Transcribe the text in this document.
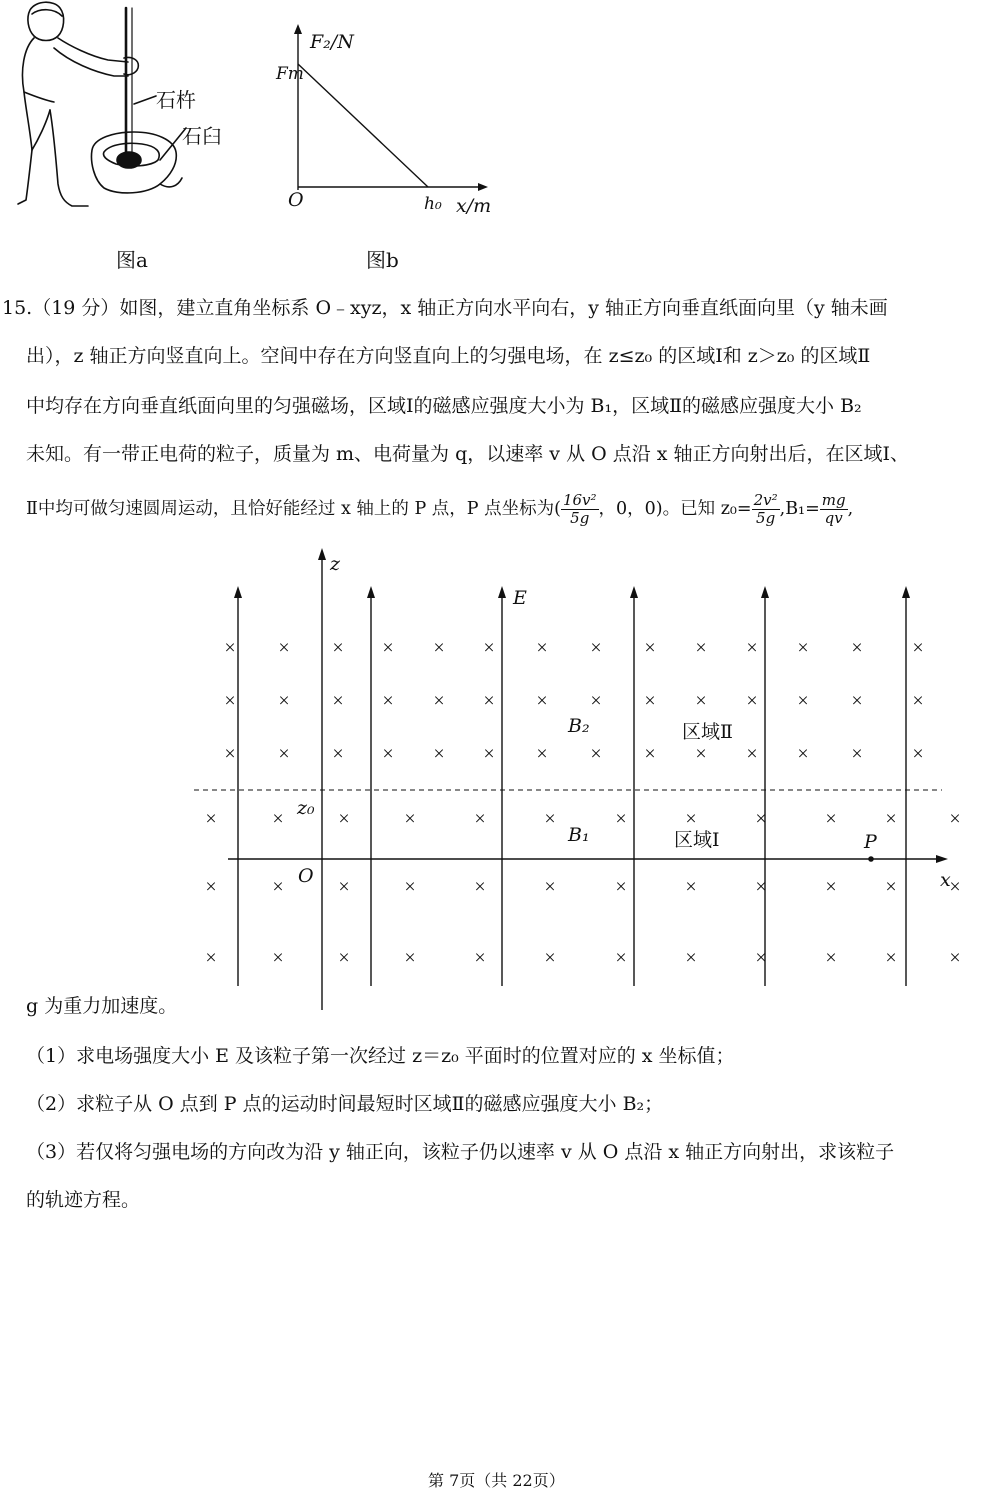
石杵
石臼
图a
F₂/N
Fm
O	h₀ x/m
图b
15.（19 分）如图，建立直角坐标系 O﹣xyz，x 轴正方向水平向右，y 轴正方向垂直纸面向里（y 轴未画
出），z 轴正方向竖直向上。空间中存在方向竖直向上的匀强电场，在 z≤z₀ 的区域Ⅰ和 z＞z₀ 的区域Ⅱ
中均存在方向垂直纸面向里的匀强磁场，区域Ⅰ的磁感应强度大小为 B₁，区域Ⅱ的磁感应强度大小 B₂
未知。有一带正电荷的粒子，质量为 m、电荷量为 q，以速率 v 从 O 点沿 x 轴正方向射出后，在区域Ⅰ、
Ⅱ中均可做匀速圆周运动，且恰好能经过 x 轴上的 P 点，P 点坐标为( $\frac{\text{16v²}}{5g}$ ，0，0)。已知 $z_0= \frac{\text{2v²}}{5g} ,B_1= \frac{mg}{qv}$ ,
× × × × × × × × × × × × × ×
× × × × × × × × × × × × × ×
× × × × × × × × × × × × × ×
×	×	×	×	×	×	×	×	×	× ×	×
×	×	×	×	×	×	×	×	×	× ×	×
×	×	×	×	×	×	×	×	×	× ×	×
z
E
B₂	区域Ⅱ
z₀
B₁	区域Ⅰ	P
O	x
g 为重力加速度。
（1）求电场强度大小 E 及该粒子第一次经过 z＝z₀ 平面时的位置对应的 x 坐标值；
（2）求粒子从 O 点到 P 点的运动时间最短时区域Ⅱ的磁感应强度大小 B₂；
（3）若仅将匀强电场的方向改为沿 y 轴正向，该粒子仍以速率 v 从 O 点沿 x 轴正方向射出，求该粒子
的轨迹方程。
第 7页（共 22页）
